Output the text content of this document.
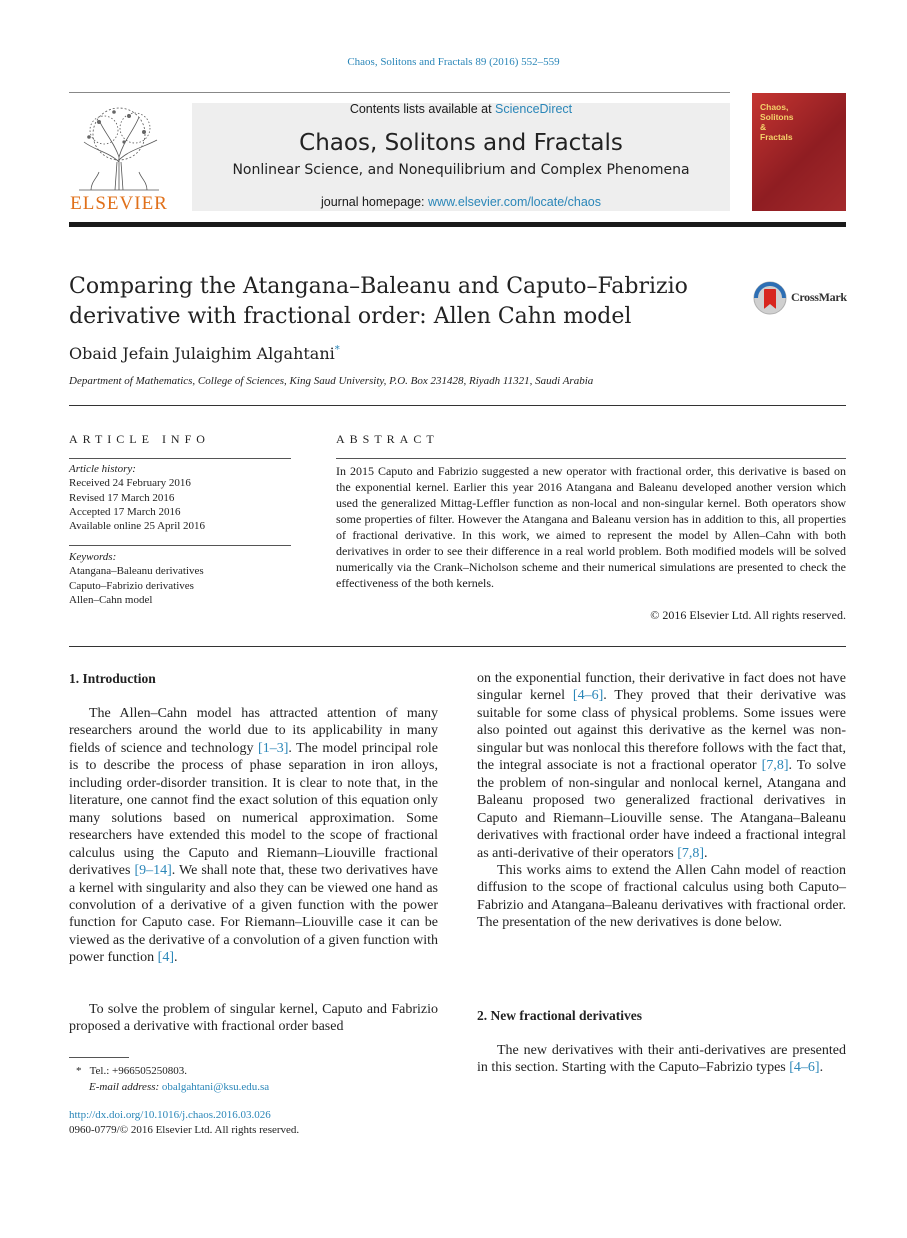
Chaos, Solitons and Fractals 89 (2016) 552–559
ELSEVIER
Contents lists available at ScienceDirect
Chaos, Solitons and Fractals
Nonlinear Science, and Nonequilibrium and Complex Phenomena
journal homepage: www.elsevier.com/locate/chaos
Chaos, Solitons & Fractals
Comparing the Atangana–Baleanu and Caputo–Fabrizio
derivative with fractional order: Allen Cahn model
CrossMark
Obaid Jefain Julaighim Algahtani*
Department of Mathematics, College of Sciences, King Saud University, P.O. Box 231428, Riyadh 11321, Saudi Arabia
ARTICLE INFO
Article history:
Received 24 February 2016
Revised 17 March 2016
Accepted 17 March 2016
Available online 25 April 2016
Keywords:
Atangana–Baleanu derivatives
Caputo–Fabrizio derivatives
Allen–Cahn model
ABSTRACT
In 2015 Caputo and Fabrizio suggested a new operator with fractional order, this derivative is based on the exponential kernel. Earlier this year 2016 Atangana and Baleanu developed another version which used the generalized Mittag-Leffler function as non-local and non-singular kernel. Both operators show some properties of filter. However the Atangana and Baleanu version has in addition to this, all properties of fractional derivative. In this work, we aimed to represent the model by Allen–Cahn with both derivatives in order to see their difference in a real world problem. Both modified models will be solved numerically via the Crank–Nicholson scheme and their numerical simulations are presented to check the effectiveness of the both kernels.
© 2016 Elsevier Ltd. All rights reserved.
1. Introduction

The Allen–Cahn model has attracted attention of many researchers around the world due to its applicability in many fields of science and technology [1–3]. The model principal role is to describe the process of phase separation in iron alloys, including order-disorder transition. It is clear to note that, in the literature, one cannot find the exact solution of this equation only many solutions based on numerical approximation. Some researchers have extended this model to the scope of fractional calculus using the Caputo and Riemann–Liouville fractional derivatives [9–14]. We shall note that, these two derivatives have a kernel with singularity and also they can be viewed one hand as convolution of a derivative of a given function with the power function for Caputo case. For Riemann–Liouville case it can be viewed as the derivative of a convolution of a given function with power function [4].

To solve the problem of singular kernel, Caputo and Fabrizio proposed a derivative with fractional order based

on the exponential function, their derivative in fact does not have singular kernel [4–6]. They proved that their derivative was suitable for some class of physical problems. Some issues were also pointed out against this derivative as the kernel was non-singular but was nonlocal this therefore follows with the fact that, the integral associate is not a fractional operator [7,8]. To solve the problem of non-singular and nonlocal kernel, Atangana and Baleanu proposed two generalized fractional derivatives in Caputo and Riemann–Liouville sense. The Atangana–Baleanu derivatives with fractional order have indeed a fractional integral as anti-derivative of their operators [7,8].

This works aims to extend the Allen Cahn model of reaction diffusion to the scope of fractional calculus using both Caputo–Fabrizio and Atangana–Baleanu derivatives with fractional order. The presentation of the new derivatives is done below.

2. New fractional derivatives

The new derivatives with their anti-derivatives are presented in this section. Starting with the Caputo–Fabrizio types [4–6].

* Tel.: +966505250803.
E-mail address: obalgahtani@ksu.edu.sa
http://dx.doi.org/10.1016/j.chaos.2016.03.026
0960-0779/© 2016 Elsevier Ltd. All rights reserved.
